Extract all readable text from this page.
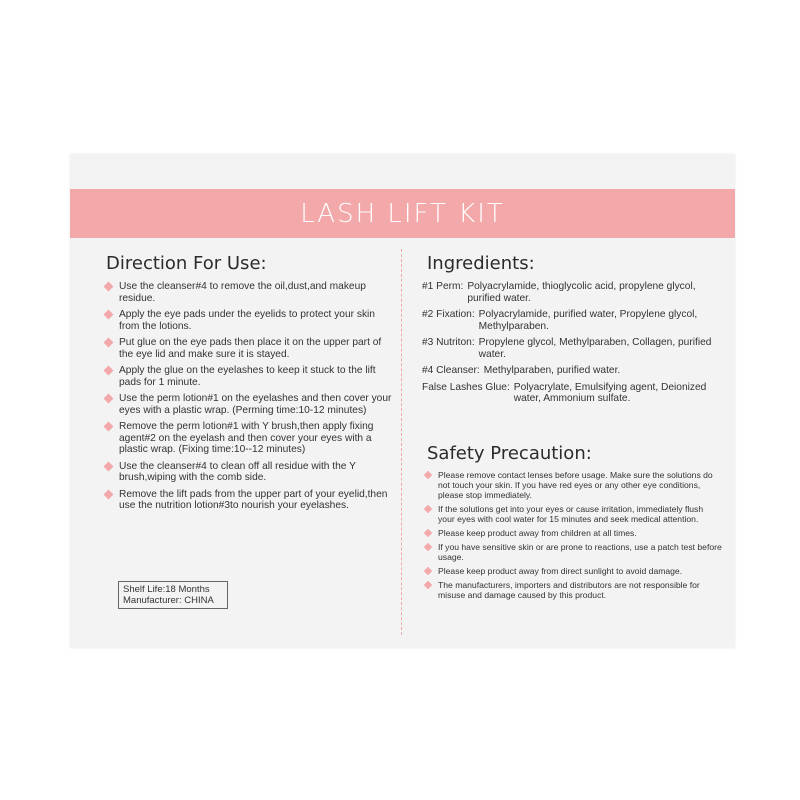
LASH LIFT KIT
Direction For Use:	Ingredients:
Safety Precaution:
Use the cleanser#4 to remove the oil,dust,and makeup residue.
Apply the eye pads under the eyelids to protect your skin from the lotions.
Put glue on the eye pads then place it on the upper part of the eye lid and make sure it is stayed.
Apply the glue on the eyelashes to keep it stuck to the lift pads for 1 minute.
Use the perm lotion#1 on the eyelashes and then cover your eyes with a plastic wrap. (Perming time:10-12 minutes)
Remove the perm lotion#1 with Y brush,then apply fixing agent#2 on the eyelash and then cover your eyes with a plastic wrap. (Fixing time:10--12 minutes)
Use the cleanser#4 to clean off all residue with the Y brush,wiping with the comb side.
Remove the lift pads from the upper part of your eyelid,then use the nutrition lotion#3to nourish your eyelashes.
Shelf Life:18 Months
Manufacturer: CHINA
#1 Perm: Polyacrylamide, thioglycolic acid, propylene glycol, purified water.
#2 Fixation: Polyacrylamide, purified water, Propylene glycol, Methylparaben.
#3 Nutriton: Propylene glycol, Methylparaben, Collagen, purified water.
#4 Cleanser: Methylparaben, purified water.
False Lashes Glue: Polyacrylate, Emulsifying agent, Deionized water, Ammonium sulfate.
Please remove contact lenses before usage. Make sure the solutions do not touch your skin. If you have red eyes or any other eye conditions, please stop immediately.
If the solutions get into your eyes or cause irritation, immediately flush your eyes with cool water for 15 minutes and seek medical attention.
Please keep product away from children at all times.
If you have sensitive skin or are prone to reactions, use a patch test before usage.
Please keep product away from direct sunlight to avoid damage.
The manufacturers, importers and distributors are not responsible for misuse and damage caused by this product.
